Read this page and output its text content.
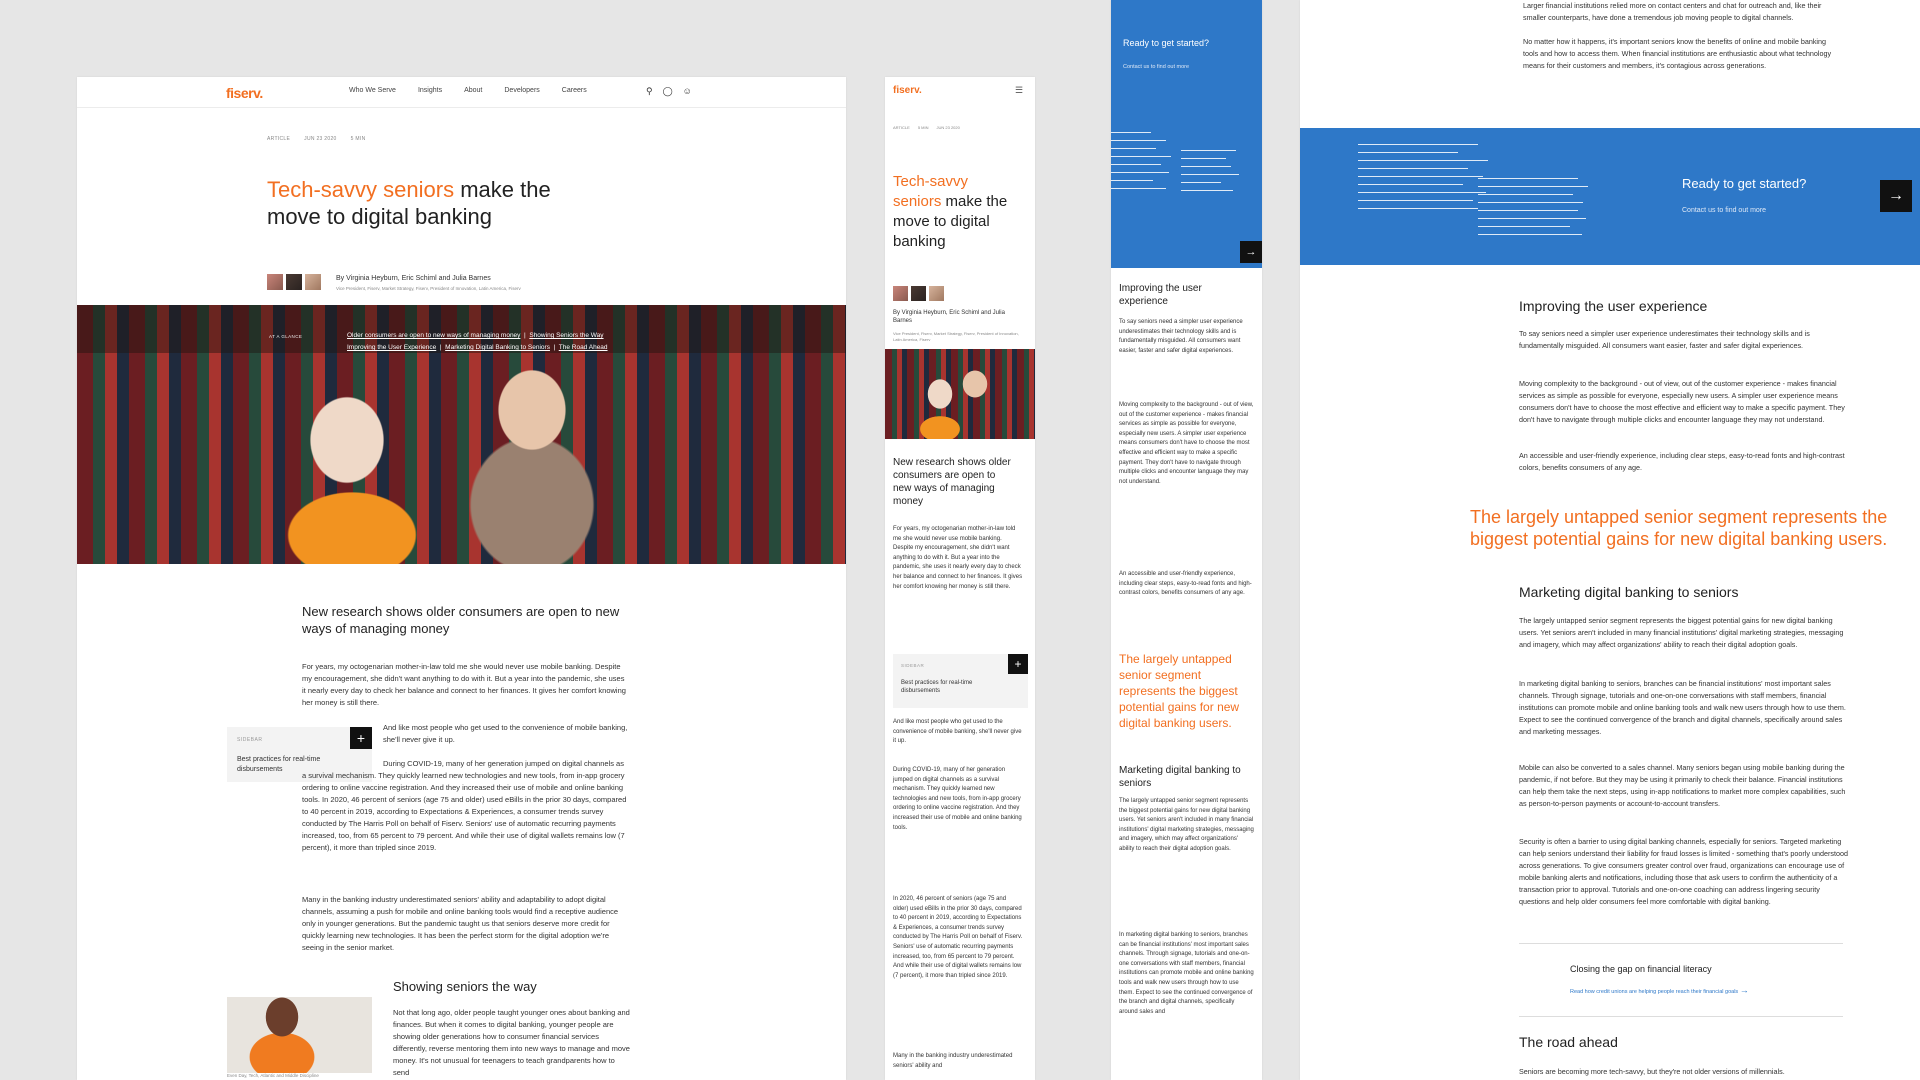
fiserv.	Who We Serve	Insights	About	Developers	Careers	⚲ ◯ ☺
ARTICLE	JUN 23 2020	5 MIN
Tech-savvy seniors make the move to digital banking
By Virginia Heyburn, Eric Schiml and Julia Barnes
Vice President, Fiserv, Market Strategy, Fiserv, President of Innovation, Latin America, Fiserv
AT A GLANCE	Older consumers are open to new ways of managing money  |  Showing Seniors the Way
Improving the User Experience  |  Marketing Digital Banking to Seniors  |  The Road Ahead
New research shows older consumers are open to new ways of managing money

For years, my octogenarian mother-in-law told me she would never use mobile banking. Despite my encouragement, she didn't want anything to do with it. But a year into the pandemic, she uses it nearly every day to check her balance and connect to her finances. It gives her comfort knowing her money is still there.

SIDEBAR
Best practices for real-time disbursements
+

And like most people who get used to the convenience of mobile banking, she'll never give it up.

During COVID-19, many of her generation jumped on digital channels as a survival mechanism. They quickly learned new technologies and new tools, from in-app grocery ordering to online vaccine registration. And they increased their use of mobile and online banking tools. In 2020, 46 percent of seniors (age 75 and older) used eBills in the prior 30 days, compared to 40 percent in 2019, according to Expectations & Experiences, a consumer trends survey conducted by The Harris Poll on behalf of Fiserv. Seniors' use of automatic recurring payments increased, too, from 65 percent to 79 percent. And while their use of digital wallets remains low (7 percent), it more than tripled since 2019.

Many in the banking industry underestimated seniors' ability and adaptability to adopt digital channels, assuming a push for mobile and online banking tools would find a receptive audience only in younger generations. But the pandemic taught us that seniors deserve more credit for quickly learning new technologies. It has been the perfect storm for the digital adoption we're seeing in the senior market.

Even Day, Tech, Atlantic and Middle Discipline
Showing seniors the way

Not that long ago, older people taught younger ones about banking and finances. But when it comes to digital banking, younger people are showing older generations how to consumer financial services differently, reverse mentoring them into new ways to manage and move money. It's not unusual for teenagers to teach grandparents how to send

fiserv.	☰
ARTICLE 5 MIN JUN 23 2020
Tech-savvy seniors make the move to digital banking
By Virginia Heyburn, Eric Schiml and Julia Barnes
Vice President, Fiserv, Market Strategy, Fiserv, President of Innovation, Latin America, Fiserv
New research shows older consumers are open to new ways of managing money

For years, my octogenarian mother-in-law told me she would never use mobile banking. Despite my encouragement, she didn't want anything to do with it. But a year into the pandemic, she uses it nearly every day to check her balance and connect to her finances. It gives her comfort knowing her money is still there.

SIDEBAR
Best practices for real-time disbursements
+

And like most people who get used to the convenience of mobile banking, she'll never give it up.

During COVID-19, many of her generation jumped on digital channels as a survival mechanism. They quickly learned new technologies and new tools, from in-app grocery ordering to online vaccine registration. And they increased their use of mobile and online banking tools.

In 2020, 46 percent of seniors (age 75 and older) used eBills in the prior 30 days, compared to 40 percent in 2019, according to Expectations & Experiences, a consumer trends survey conducted by The Harris Poll on behalf of Fiserv. Seniors' use of automatic recurring payments increased, too, from 65 percent to 79 percent. And while their use of digital wallets remains low (7 percent), it more than tripled since 2019.

Many in the banking industry underestimated seniors' ability and

Ready to get started?
Contact us to find out more
→
Improving the user experience

To say seniors need a simpler user experience underestimates their technology skills and is fundamentally misguided. All consumers want easier, faster and safer digital experiences.

Moving complexity to the background - out of view, out of the customer experience - makes financial services as simple as possible for everyone, especially new users. A simpler user experience means consumers don't have to choose the most effective and efficient way to make a specific payment. They don't have to navigate through multiple clicks and encounter language they may not understand.

An accessible and user-friendly experience, including clear steps, easy-to-read fonts and high-contrast colors, benefits consumers of any age.

The largely untapped senior segment represents the biggest potential gains for new digital banking users.
Marketing digital banking to seniors

The largely untapped senior segment represents the biggest potential gains for new digital banking users. Yet seniors aren't included in many financial institutions' digital marketing strategies, messaging and imagery, which may affect organizations' ability to reach their digital adoption goals.

In marketing digital banking to seniors, branches can be financial institutions' most important sales channels. Through signage, tutorials and one-on-one conversations with staff members, financial institutions can promote mobile and online banking tools and walk new users through how to use them. Expect to see the continued convergence of the branch and digital channels, specifically around sales and

Larger financial institutions relied more on contact centers and chat for outreach and, like their smaller counterparts, have done a tremendous job moving people to digital channels.

No matter how it happens, it's important seniors know the benefits of online and mobile banking tools and how to access them. When financial institutions are enthusiastic about what technology means for their customers and members, it's contagious across generations.

→
Ready to get started?
Contact us to find out more
Improving the user experience

To say seniors need a simpler user experience underestimates their technology skills and is fundamentally misguided. All consumers want easier, faster and safer digital experiences.

Moving complexity to the background - out of view, out of the customer experience - makes financial services as simple as possible for everyone, especially new users. A simpler user experience means consumers don't have to choose the most effective and efficient way to make a specific payment. They don't have to navigate through multiple clicks and encounter language they may not understand.

An accessible and user-friendly experience, including clear steps, easy-to-read fonts and high-contrast colors, benefits consumers of any age.

The largely untapped senior segment represents the biggest potential gains for new digital banking users.
Marketing digital banking to seniors

The largely untapped senior segment represents the biggest potential gains for new digital banking users. Yet seniors aren't included in many financial institutions' digital marketing strategies, messaging and imagery, which may affect organizations' ability to reach their digital adoption goals.

In marketing digital banking to seniors, branches can be financial institutions' most important sales channels. Through signage, tutorials and one-on-one conversations with staff members, financial institutions can promote mobile and online banking tools and walk new users through how to use them. Expect to see the continued convergence of the branch and digital channels, specifically around sales and marketing messages.

Mobile can also be converted to a sales channel. Many seniors began using mobile banking during the pandemic, if not before. But they may be using it primarily to check their balance. Financial institutions can help them take the next steps, using in-app notifications to market more complex capabilities, such as person-to-person payments or account-to-account transfers.

Security is often a barrier to using digital banking channels, especially for seniors. Targeted marketing can help seniors understand their liability for fraud losses is limited - something that's poorly understood across generations. To give consumers greater control over fraud, organizations can encourage use of mobile banking alerts and notifications, including those that ask users to confirm the authenticity of a transaction prior to approval. Tutorials and one-on-one coaching can address lingering security questions and help older consumers feel more comfortable with digital banking.

Closing the gap on financial literacy
Read how credit unions are helping people reach their financial goals →
The road ahead

Seniors are becoming more tech-savvy, but they're not older versions of millennials.
